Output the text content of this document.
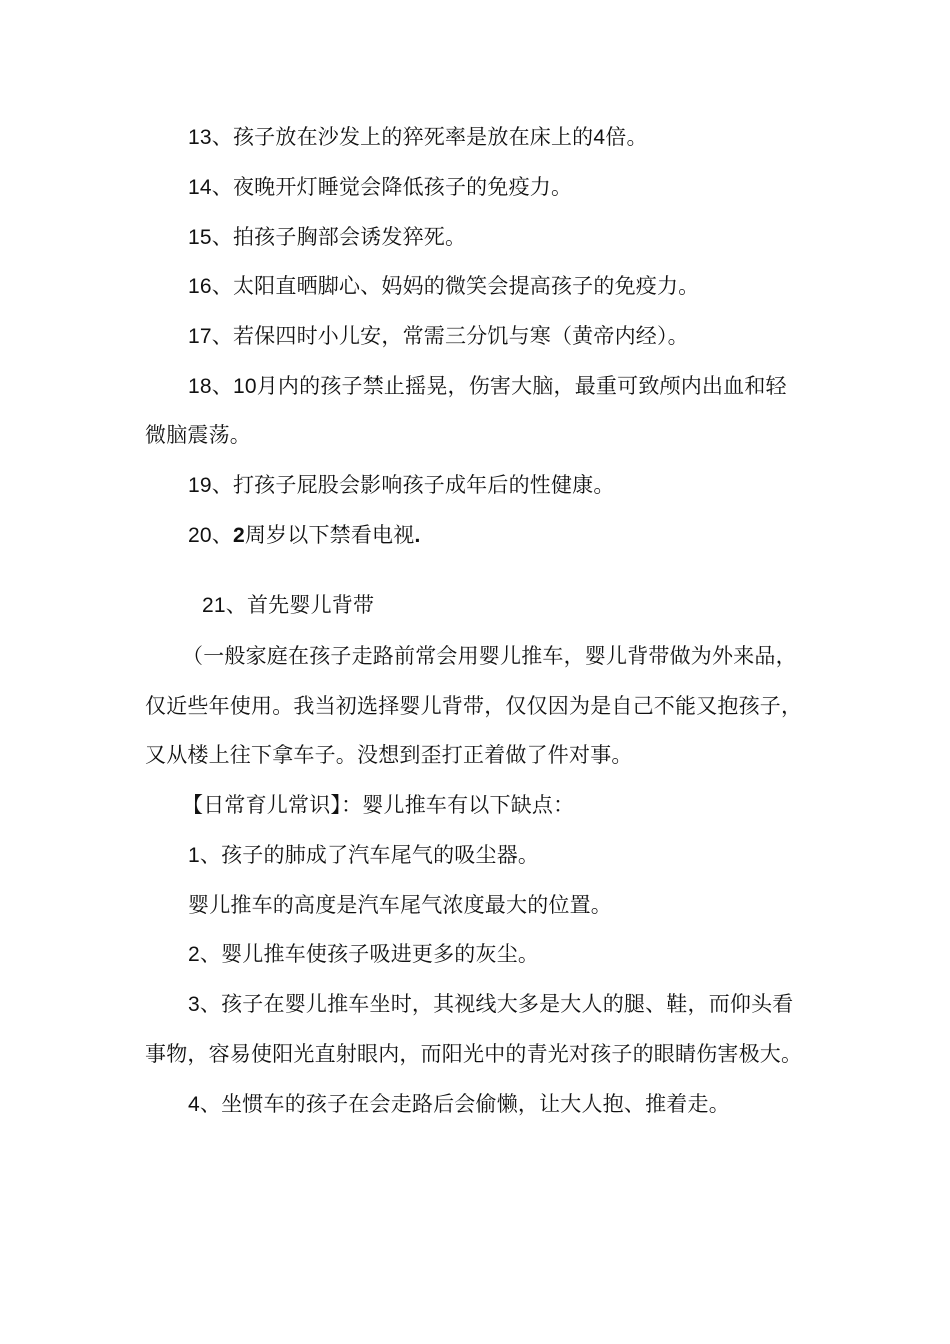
13、孩子放在沙发上的猝死率是放在床上的4倍。
14、夜晚开灯睡觉会降低孩子的免疫力。
15、拍孩子胸部会诱发猝死。
16、太阳直晒脚心、妈妈的微笑会提高孩子的免疫力。
17、若保四时小儿安，常需三分饥与寒（黄帝内经）。
18、10月内的孩子禁止摇晃，伤害大脑，最重可致颅内出血和轻
微脑震荡。
19、打孩子屁股会影响孩子成年后的性健康。
20、2周岁以下禁看电视.
21、首先婴儿背带
（一般家庭在孩子走路前常会用婴儿推车，婴儿背带做为外来品，
仅近些年使用。我当初选择婴儿背带，仅仅因为是自己不能又抱孩子，
又从楼上往下拿车子。没想到歪打正着做了件对事。
【日常育儿常识】：婴儿推车有以下缺点：
1、孩子的肺成了汽车尾气的吸尘器。
婴儿推车的高度是汽车尾气浓度最大的位置。
2、婴儿推车使孩子吸进更多的灰尘。
3、孩子在婴儿推车坐时，其视线大多是大人的腿、鞋，而仰头看
事物，容易使阳光直射眼内，而阳光中的青光对孩子的眼睛伤害极大。
4、坐惯车的孩子在会走路后会偷懒，让大人抱、推着走。
